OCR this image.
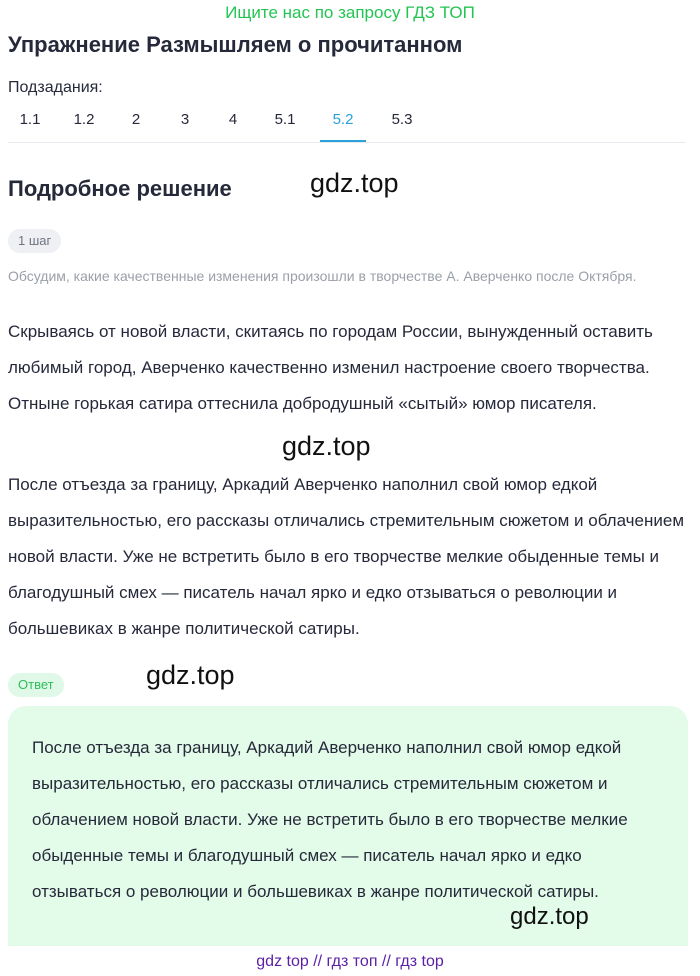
Ищите нас по запросу ГДЗ ТОП
Упражнение Размышляем о прочитанном
Подзадания:
1.1	1.2	2	3	4	5.1	5.2	5.3
Подробное решение	gdz.top
1 шаг
Обсудим, какие качественные изменения произошли в творчестве А. Аверченко после Октября.
Скрываясь от новой власти, скитаясь по городам России, вынужденный оставить любимый город, Аверченко качественно изменил настроение своего творчества. Отныне горькая сатира оттеснила добродушный «сытый» юмор писателя.
gdz.top
После отъезда за границу, Аркадий Аверченко наполнил свой юмор едкой выразительностью, его рассказы отличались стремительным сюжетом и облачением новой власти. Уже не встретить было в его творчестве мелкие обыденные темы и благодушный смех — писатель начал ярко и едко отзываться о революции и большевиках в жанре политической сатиры.
gdz.top
Ответ
После отъезда за границу, Аркадий Аверченко наполнил свой юмор едкой выразительностью, его рассказы отличались стремительным сюжетом и облачением новой власти. Уже не встретить было в его творчестве мелкие обыденные темы и благодушный смех — писатель начал ярко и едко отзываться о революции и большевиках в жанре политической сатиры.
gdz.top
gdz top // гдз топ // гдз top
